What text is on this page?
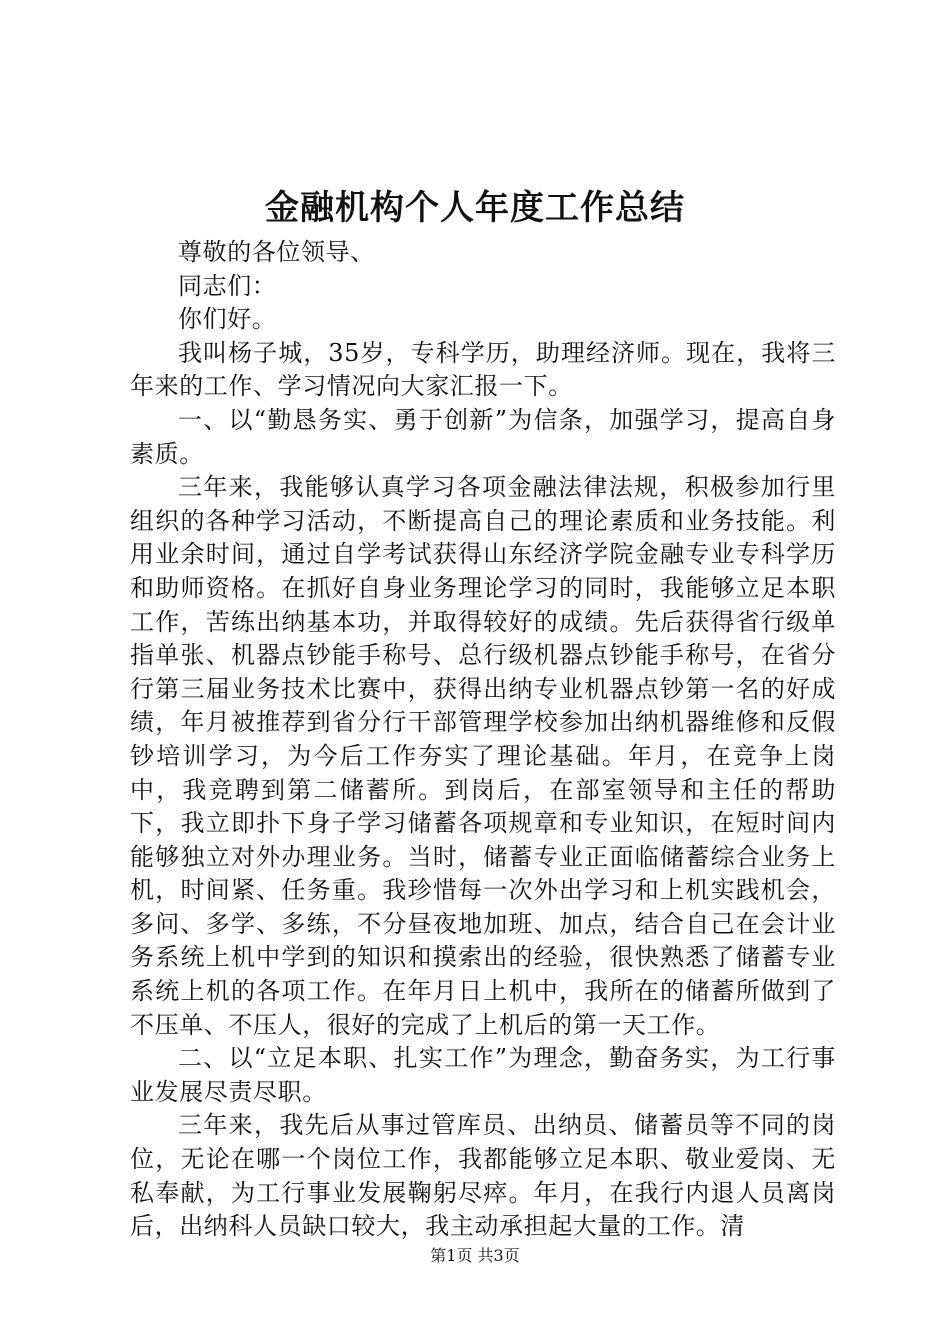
金融机构个人年度工作总结

尊敬的各位领导、

同志们：

你们好。

我叫杨子城，35岁，专科学历，助理经济师。现在，我将三年来的工作、学习情况向大家汇报一下。

一、以“勤恳务实、勇于创新”为信条，加强学习，提高自身素质。

三年来，我能够认真学习各项金融法律法规，积极参加行里组织的各种学习活动，不断提高自己的理论素质和业务技能。利用业余时间，通过自学考试获得山东经济学院金融专业专科学历和助师资格。在抓好自身业务理论学习的同时，我能够立足本职工作，苦练出纳基本功，并取得较好的成绩。先后获得省行级单指单张、机器点钞能手称号、总行级机器点钞能手称号，在省分行第三届业务技术比赛中，获得出纳专业机器点钞第一名的好成绩，年月被推荐到省分行干部管理学校参加出纳机器维修和反假钞培训学习，为今后工作夯实了理论基础。年月，在竞争上岗中，我竞聘到第二储蓄所。到岗后，在部室领导和主任的帮助下，我立即扑下身子学习储蓄各项规章和专业知识，在短时间内能够独立对外办理业务。当时，储蓄专业正面临储蓄综合业务上机，时间紧、任务重。我珍惜每一次外出学习和上机实践机会，多问、多学、多练，不分昼夜地加班、加点，结合自己在会计业务系统上机中学到的知识和摸索出的经验，很快熟悉了储蓄专业系统上机的各项工作。在年月日上机中，我所在的储蓄所做到了不压单、不压人，很好的完成了上机后的第一天工作。

二、以“立足本职、扎实工作”为理念，勤奋务实，为工行事业发展尽责尽职。

三年来，我先后从事过管库员、出纳员、储蓄员等不同的岗位，无论在哪一个岗位工作，我都能够立足本职、敬业爱岗、无私奉献，为工行事业发展鞠躬尽瘁。年月，在我行内退人员离岗后，出纳科人员缺口较大，我主动承担起大量的工作。清

第1页 共3页
